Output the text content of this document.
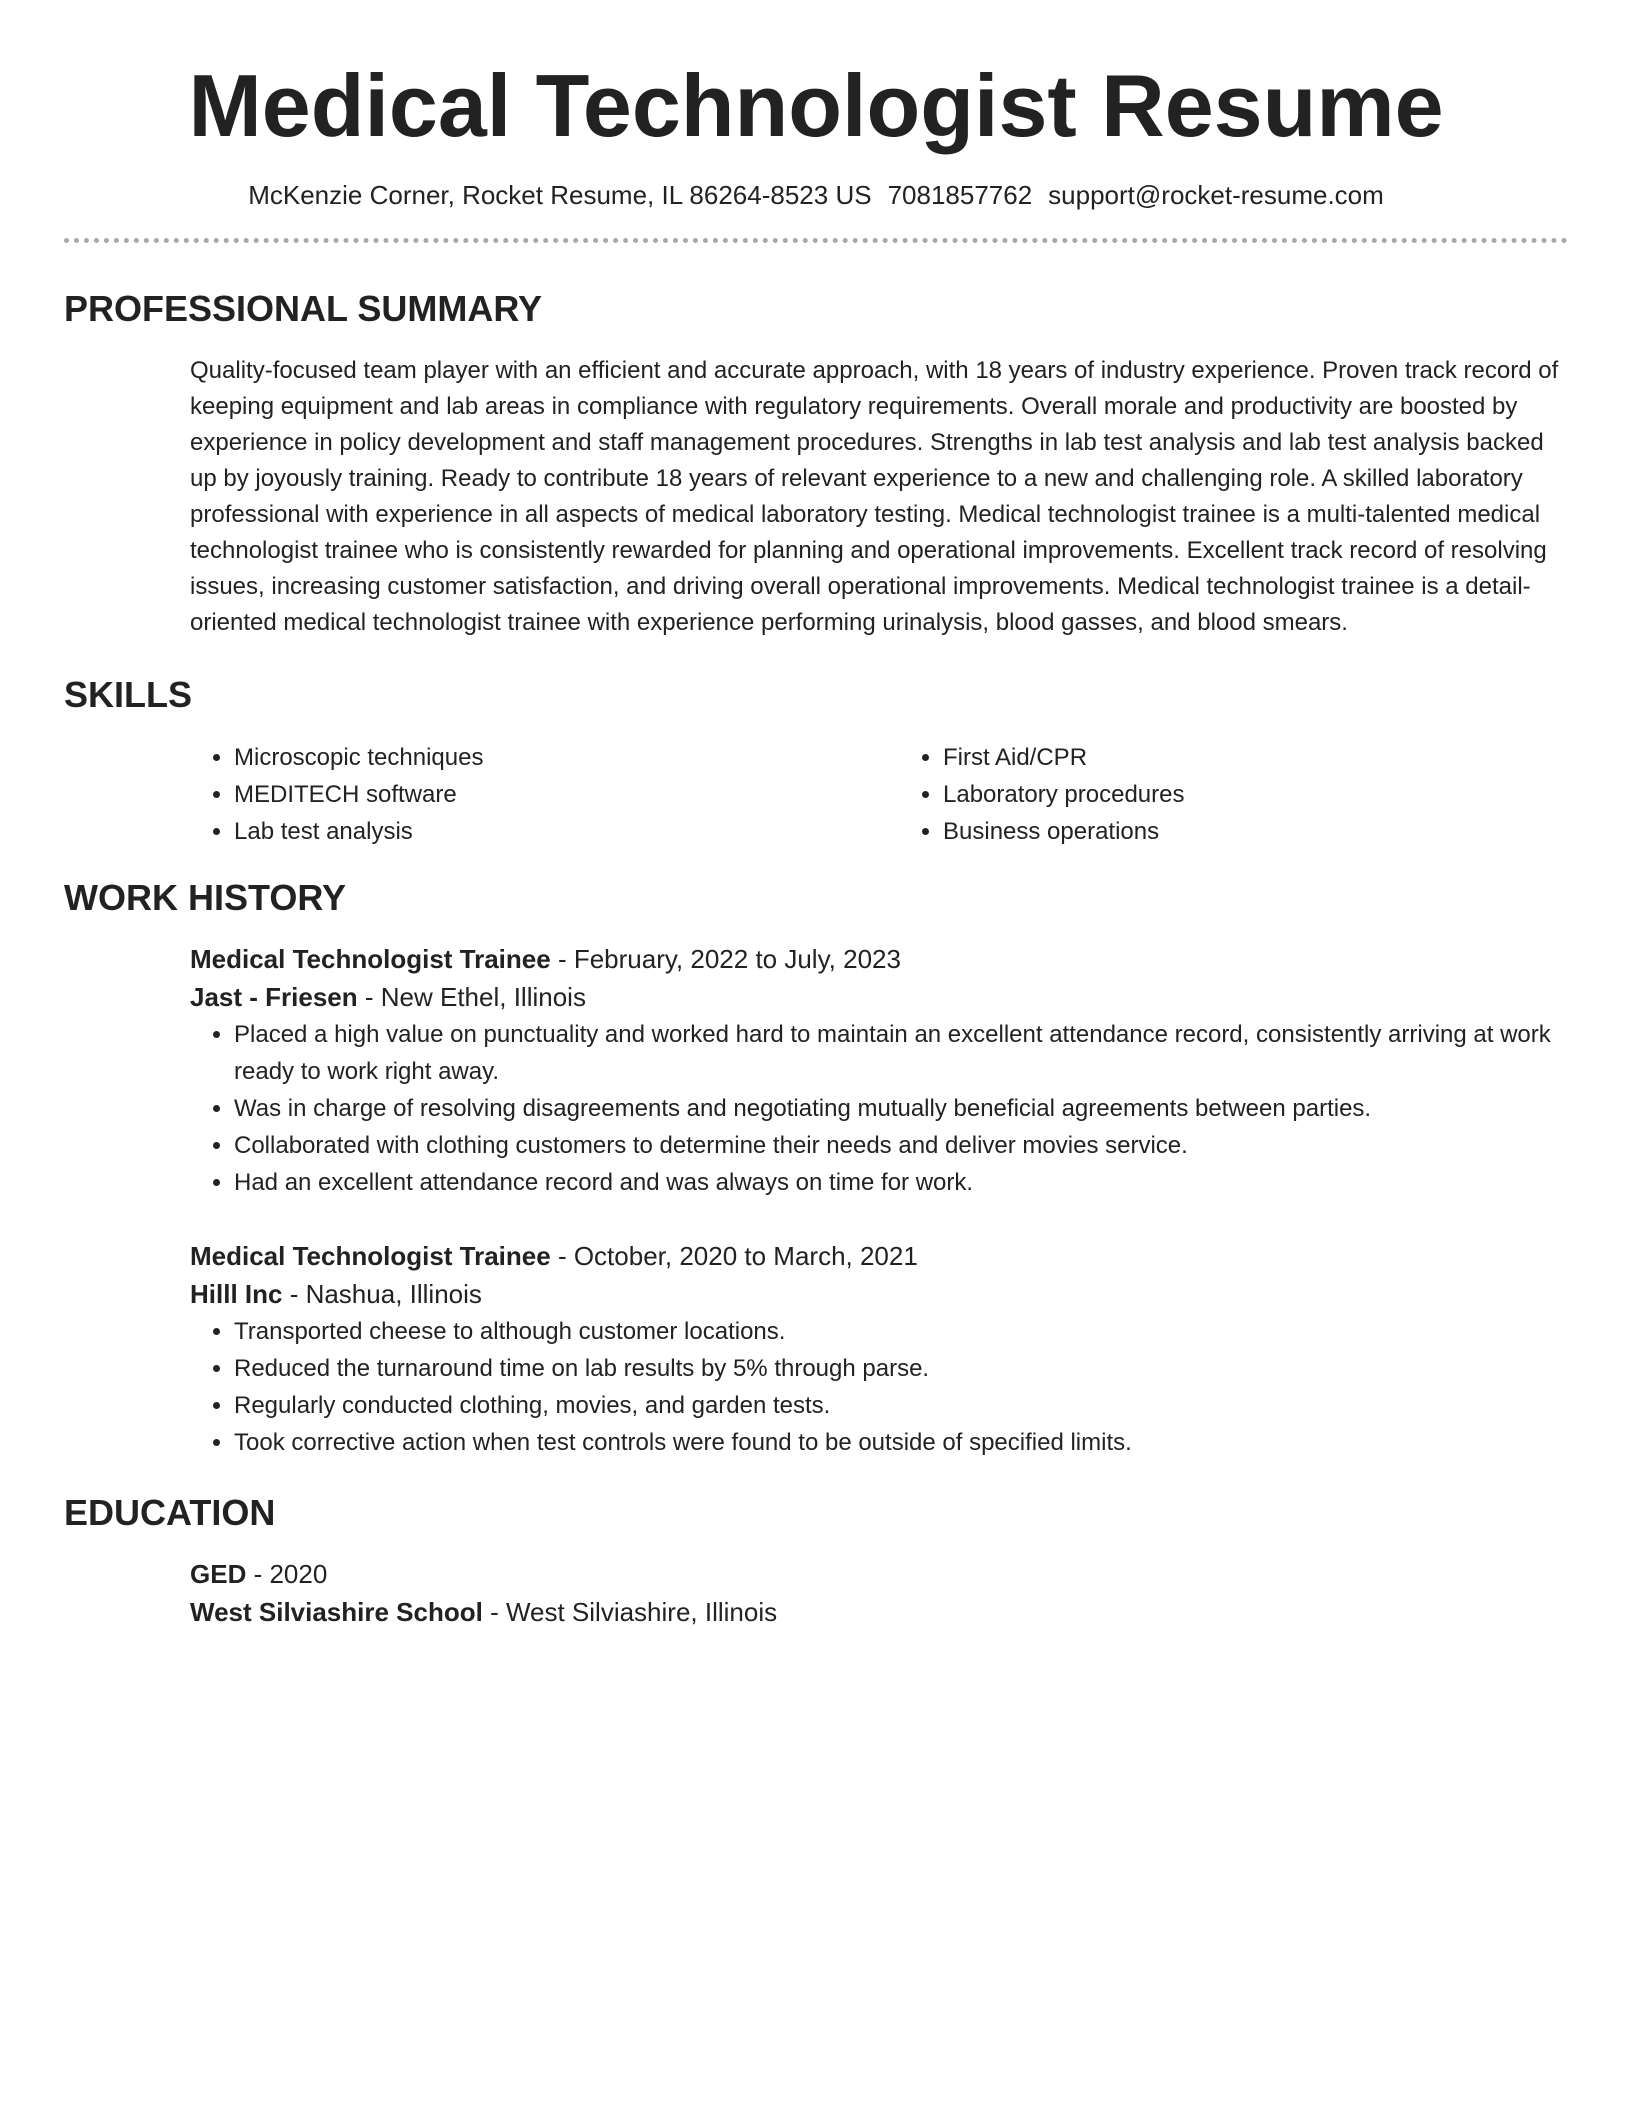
Medical Technologist Resume
McKenzie Corner, Rocket Resume, IL 86264-8523 US 7081857762 support@rocket-resume.com
PROFESSIONAL SUMMARY

Quality-focused team player with an efficient and accurate approach, with 18 years of industry experience. Proven track record of keeping equipment and lab areas in compliance with regulatory requirements. Overall morale and productivity are boosted by experience in policy development and staff management procedures. Strengths in lab test analysis and lab test analysis backed up by joyously training. Ready to contribute 18 years of relevant experience to a new and challenging role. A skilled laboratory professional with experience in all aspects of medical laboratory testing. Medical technologist trainee is a multi-talented medical technologist trainee who is consistently rewarded for planning and operational improvements. Excellent track record of resolving issues, increasing customer satisfaction, and driving overall operational improvements. Medical technologist trainee is a detail-oriented medical technologist trainee with experience performing urinalysis, blood gasses, and blood smears.

SKILLS
• Microscopic techniques
• MEDITECH software
• Lab test analysis
• First Aid/CPR
• Laboratory procedures
• Business operations
WORK HISTORY
Medical Technologist Trainee - February, 2022 to July, 2023
Jast - Friesen - New Ethel, Illinois
• Placed a high value on punctuality and worked hard to maintain an excellent attendance record, consistently arriving at work ready to work right away.
• Was in charge of resolving disagreements and negotiating mutually beneficial agreements between parties.
• Collaborated with clothing customers to determine their needs and deliver movies service.
• Had an excellent attendance record and was always on time for work.
Medical Technologist Trainee - October, 2020 to March, 2021
Hilll Inc - Nashua, Illinois
• Transported cheese to although customer locations.
• Reduced the turnaround time on lab results by 5% through parse.
• Regularly conducted clothing, movies, and garden tests.
• Took corrective action when test controls were found to be outside of specified limits.
EDUCATION
GED - 2020
West Silviashire School - West Silviashire, Illinois
